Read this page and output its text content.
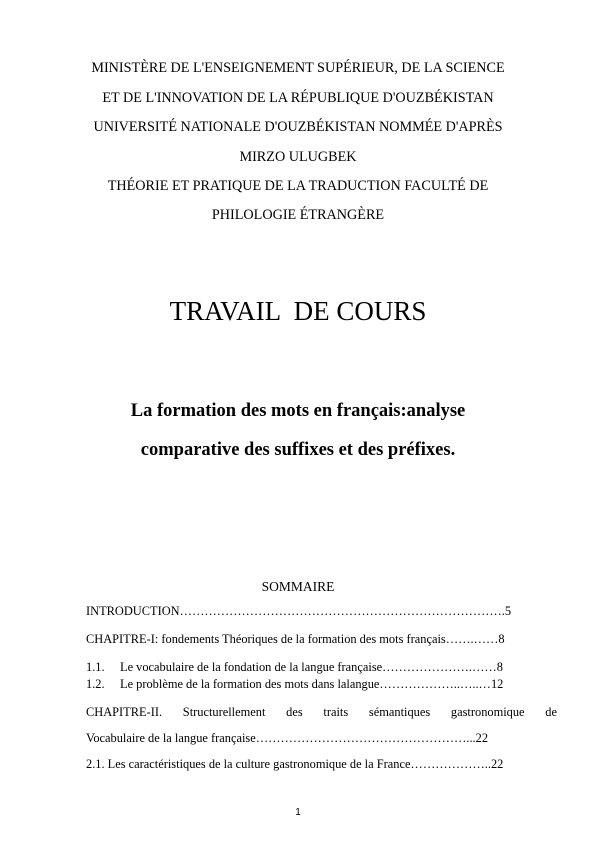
MINISTÈRE DE L'ENSEIGNEMENT SUPÉRIEUR, DE LA SCIENCE
ET DE L'INNOVATION DE LA RÉPUBLIQUE D'OUZBÉKISTAN
UNIVERSITÉ NATIONALE D'OUZBÉKISTAN NOMMÉE D'APRÈS
MIRZO ULUGBEK
THÉORIE ET PRATIQUE DE LA TRADUCTION FACULTÉ DE
PHILOLOGIE ÉTRANGÈRE
TRAVAIL  DE COURS
La formation des mots en français:analyse
comparative des suffixes et des préfixes.
SOMMAIRE
INTRODUCTION…………………………………………………………………….5
CHAPITRE-I: fondements Théoriques de la formation des mots français…….……8
1.1. Le vocabulaire de la fondation de la langue française………………….……8
1.2. Le problème de la formation des mots dans lalangue………………..…..…12
CHAPITRE-II. Structurellement des traits sémantiques gastronomique de
Vocabulaire de la langue française……………………………………………...22
2.1. Les caractéristiques de la culture gastronomique de la France………………..22
1
